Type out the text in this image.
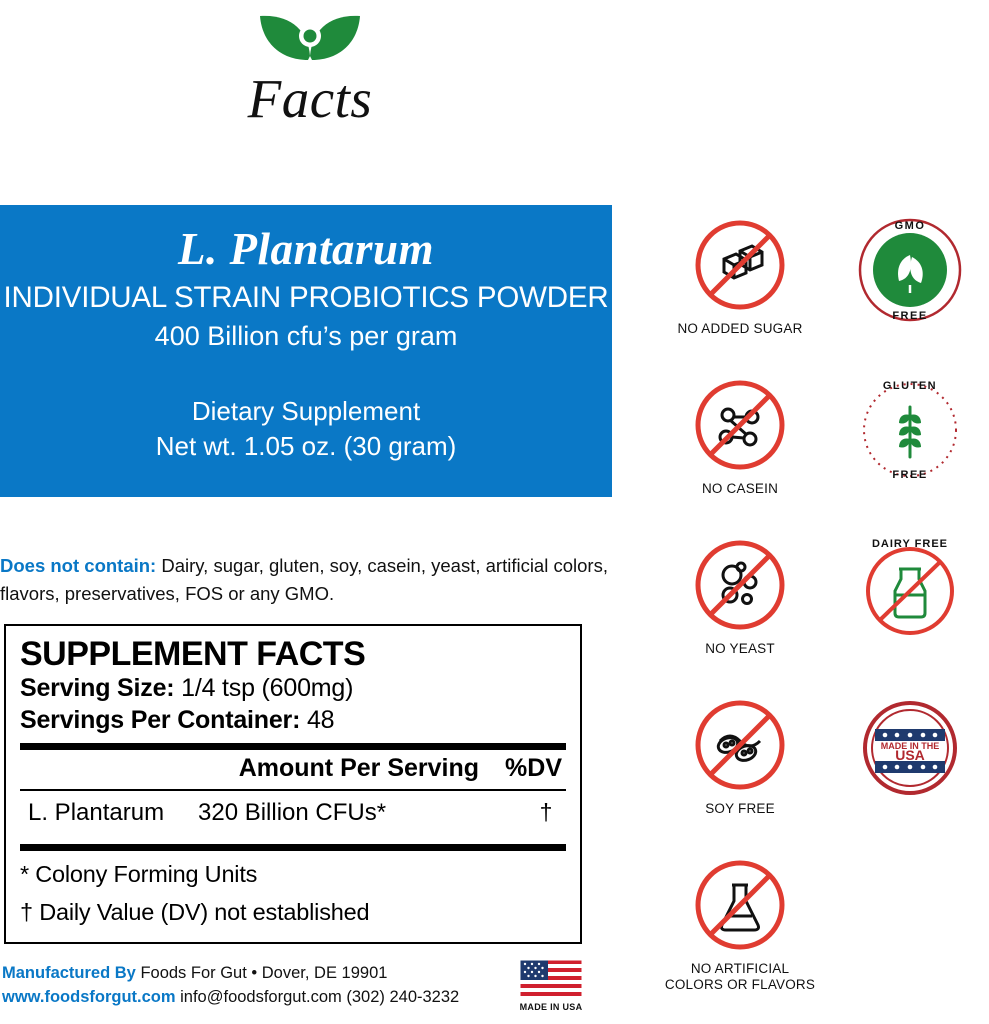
Facts
L. Plantarum
INDIVIDUAL STRAIN PROBIOTICS POWDER
400 Billion cfu’s per gram
Dietary Supplement
Net wt. 1.05 oz. (30 gram)
Does not contain: Dairy, sugar, gluten, soy, casein, yeast, artificial colors, flavors, preservatives, FOS or any GMO.
SUPPLEMENT FACTS
Serving Size: 1/4 tsp (600mg)
Servings Per Container: 48
Amount Per Serving %DV
L. Plantarum	320 Billion CFUs*	†
* Colony Forming Units
† Daily Value (DV) not established
Manufactured By Foods For Gut • Dover, DE 19901
www.foodsforgut.com info@foodsforgut.com (302) 240-3232
MADE IN USA
NO ADDED SUGAR
GMO
FREE
NO CASEIN
GLUTEN
FREE
NO YEAST
DAIRY FREE
SOY FREE
MADE IN THE
USA
NO ARTIFICIAL
COLORS OR FLAVORS
